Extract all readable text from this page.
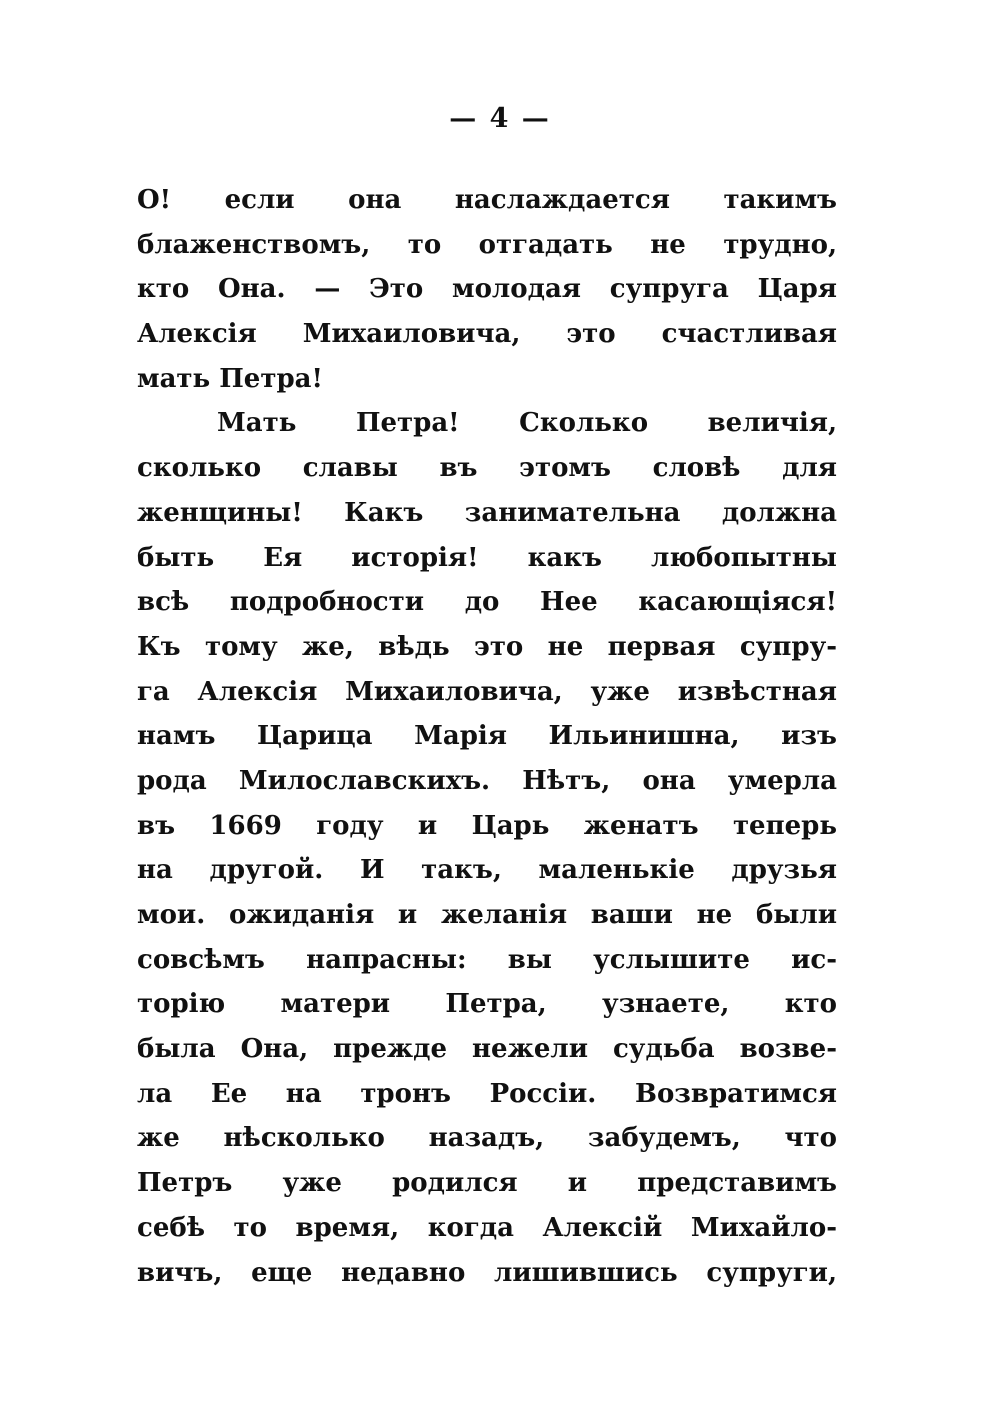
— 4 —
О! если она наслаждается такимъ
блаженствомъ, то отгадать не трудно,
кто Она. — Это молодая супруга Царя
Алексія Михаиловича, это счастливая
мать Петра!
Мать Петра! Сколько величія,
сколько славы въ этомъ словѣ для
женщины! Какъ занимательна должна
быть Ея исторія! какъ любопытны
всѣ подробности до Нее касающіяся!
Къ тому же, вѣдь это не первая супру-
га Алексія Михаиловича, уже извѣстная
намъ Царица Марія Ильинишна, изъ
рода Милославскихъ. Нѣтъ, она умерла
въ 1669 году и Царь женатъ теперь
на другой. И такъ, маленькіе друзья
мои. ожиданія и желанія ваши не были
совсѣмъ напрасны: вы услышите ис-
торію матери Петра, узнаете, кто
была Она, прежде нежели судьба возве-
ла Ее на тронъ Россіи. Возвратимся
же нѣсколько назадъ, забудемъ, что
Петръ уже родился и представимъ
себѣ то время, когда Алексій Михайло-
вичъ, еще недавно лишившись супруги,
